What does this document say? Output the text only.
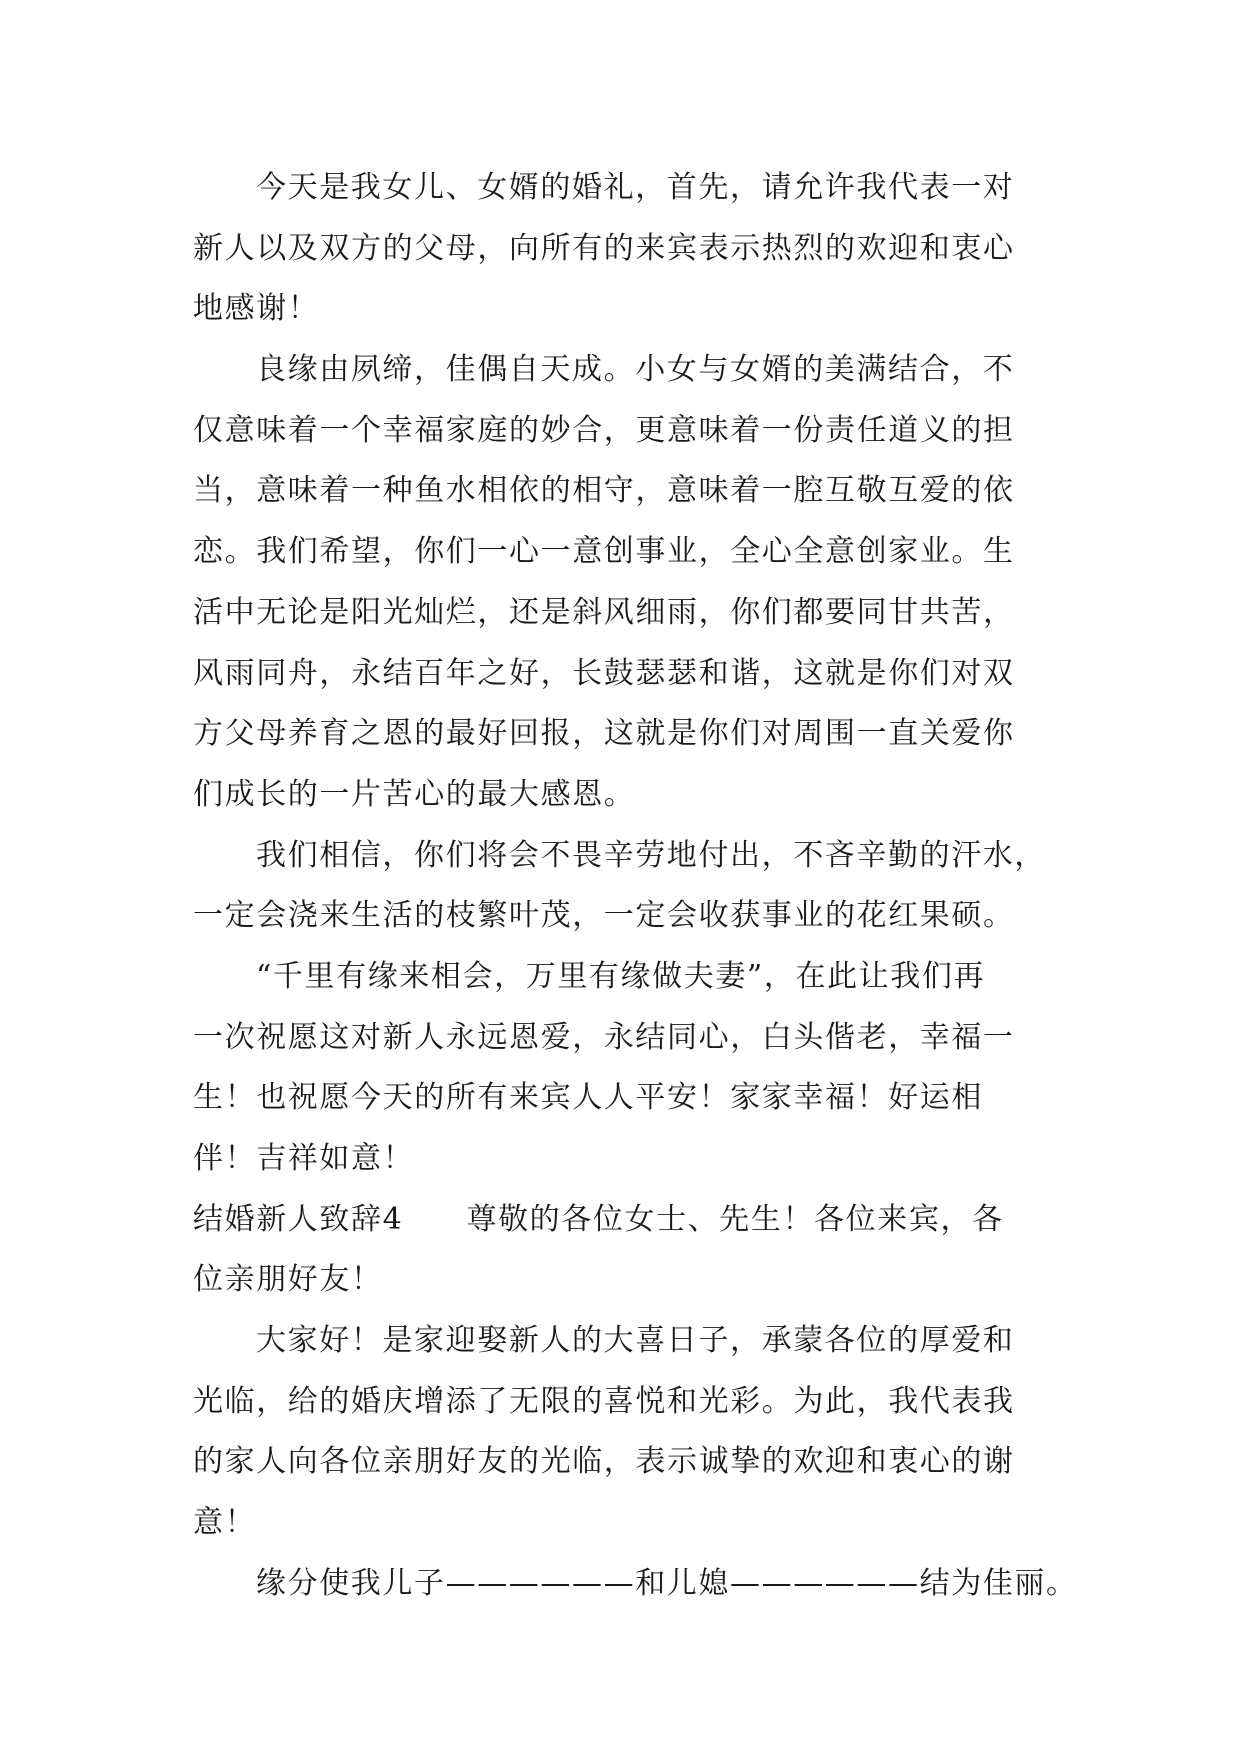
今天是我女儿、女婿的婚礼，首先，请允许我代表一对
新人以及双方的父母，向所有的来宾表示热烈的欢迎和衷心
地感谢！
良缘由夙缔，佳偶自天成。小女与女婿的美满结合，不
仅意味着一个幸福家庭的妙合，更意味着一份责任道义的担
当，意味着一种鱼水相依的相守，意味着一腔互敬互爱的依
恋。我们希望，你们一心一意创事业，全心全意创家业。生
活中无论是阳光灿烂，还是斜风细雨，你们都要同甘共苦，
风雨同舟，永结百年之好，长鼓瑟瑟和谐，这就是你们对双
方父母养育之恩的最好回报，这就是你们对周围一直关爱你
们成长的一片苦心的最大感恩。
我们相信，你们将会不畏辛劳地付出，不吝辛勤的汗水，
一定会浇来生活的枝繁叶茂，一定会收获事业的花红果硕。
“千里有缘来相会，万里有缘做夫妻”，在此让我们再
一次祝愿这对新人永远恩爱，永结同心，白头偕老，幸福一
生！也祝愿今天的所有来宾人人平安！家家幸福！好运相
伴！吉祥如意！
结婚新人致辞4　　尊敬的各位女士、先生！各位来宾，各
位亲朋好友！
大家好！是家迎娶新人的大喜日子，承蒙各位的厚爱和
光临，给的婚庆增添了无限的喜悦和光彩。为此，我代表我
的家人向各位亲朋好友的光临，表示诚挚的欢迎和衷心的谢
意！
缘分使我儿子——————和儿媳——————结为佳丽。
